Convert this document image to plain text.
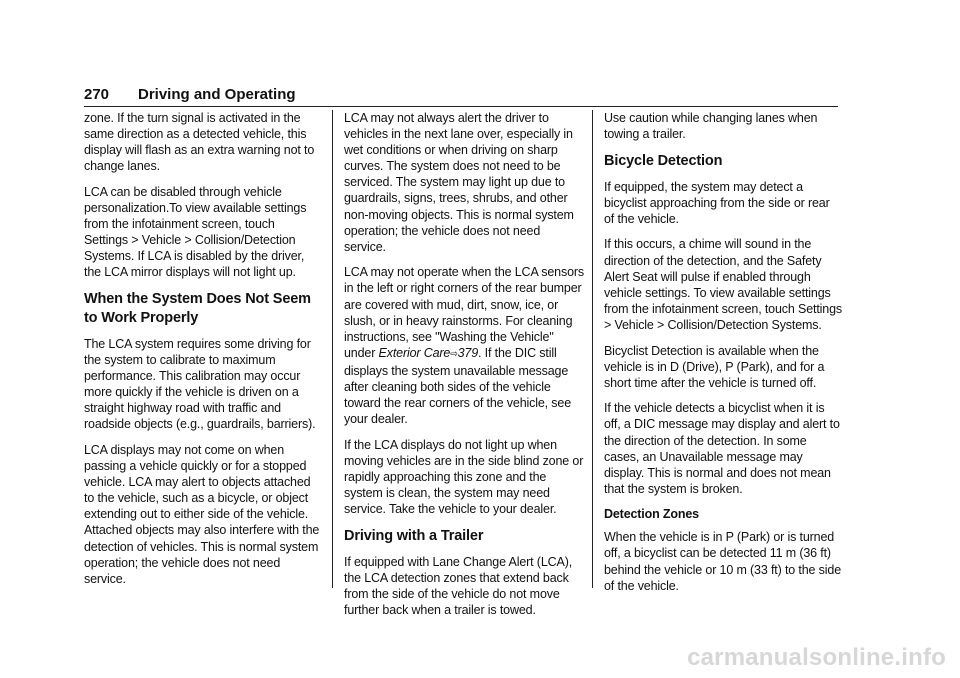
270 Driving and Operating

zone. If the turn signal is activated in the same direction as a detected vehicle, this display will flash as an extra warning not to change lanes.

LCA can be disabled through vehicle personalization.To view available settings from the infotainment screen, touch Settings > Vehicle > Collision/Detection Systems. If LCA is disabled by the driver, the LCA mirror displays will not light up.

When the System Does Not Seem to Work Properly

The LCA system requires some driving for the system to calibrate to maximum performance. This calibration may occur more quickly if the vehicle is driven on a straight highway road with traffic and roadside objects (e.g., guardrails, barriers).

LCA displays may not come on when passing a vehicle quickly or for a stopped vehicle. LCA may alert to objects attached to the vehicle, such as a bicycle, or object extending out to either side of the vehicle. Attached objects may also interfere with the detection of vehicles. This is normal system operation; the vehicle does not need service.

LCA may not always alert the driver to vehicles in the next lane over, especially in wet conditions or when driving on sharp curves. The system does not need to be serviced. The system may light up due to guardrails, signs, trees, shrubs, and other non-moving objects. This is normal system operation; the vehicle does not need service.

LCA may not operate when the LCA sensors in the left or right corners of the rear bumper are covered with mud, dirt, snow, ice, or slush, or in heavy rainstorms. For cleaning instructions, see "Washing the Vehicle" under Exterior Care⇨379. If the DIC still displays the system unavailable message after cleaning both sides of the vehicle toward the rear corners of the vehicle, see your dealer.

If the LCA displays do not light up when moving vehicles are in the side blind zone or rapidly approaching this zone and the system is clean, the system may need service. Take the vehicle to your dealer.

Driving with a Trailer

If equipped with Lane Change Alert (LCA), the LCA detection zones that extend back from the side of the vehicle do not move further back when a trailer is towed.

Use caution while changing lanes when towing a trailer.

Bicycle Detection

If equipped, the system may detect a bicyclist approaching from the side or rear of the vehicle.

If this occurs, a chime will sound in the direction of the detection, and the Safety Alert Seat will pulse if enabled through vehicle settings. To view available settings from the infotainment screen, touch Settings > Vehicle > Collision/Detection Systems.

Bicyclist Detection is available when the vehicle is in D (Drive), P (Park), and for a short time after the vehicle is turned off.

If the vehicle detects a bicyclist when it is off, a DIC message may display and alert to the direction of the detection. In some cases, an Unavailable message may display. This is normal and does not mean that the system is broken.

Detection Zones

When the vehicle is in P (Park) or is turned off, a bicyclist can be detected 11 m (36 ft) behind the vehicle or 10 m (33 ft) to the side of the vehicle.

carmanualsonline.info
